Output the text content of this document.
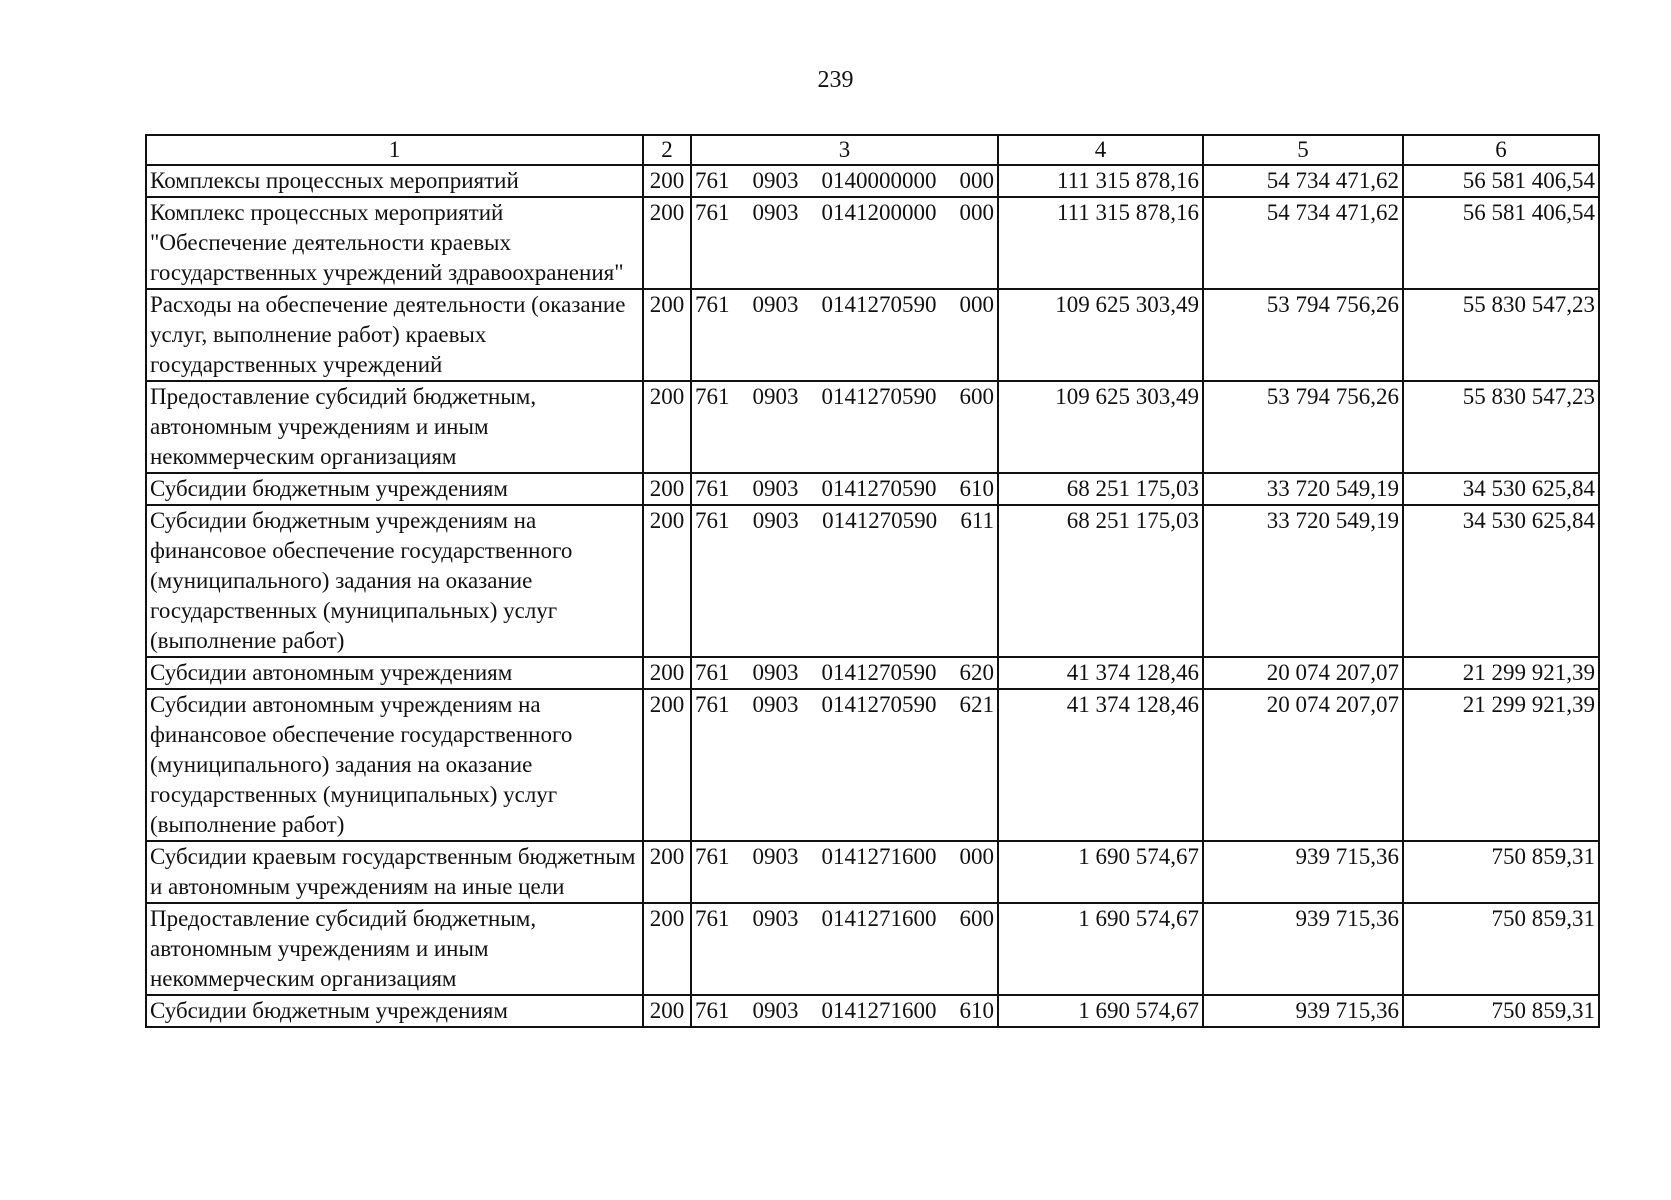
239
1	2	3	4	5	6

Комплексы процессных мероприятий	200	761 0903 0140000000 000	111 315 878,16	54 734 471,62	56 581 406,54

Комплекс процессных мероприятий "Обеспечение деятельности краевых государственных учреждений здравоохранения"	200	761 0903 0141200000 000	111 315 878,16	54 734 471,62	56 581 406,54

Расходы на обеспечение деятельности (оказание услуг, выполнение работ) краевых государственных учреждений	200	761 0903 0141270590 000	109 625 303,49	53 794 756,26	55 830 547,23

Предоставление субсидий бюджетным, автономным учреждениям и иным некоммерческим организациям	200	761 0903 0141270590 600	109 625 303,49	53 794 756,26	55 830 547,23

Субсидии бюджетным учреждениям	200	761 0903 0141270590 610	68 251 175,03	33 720 549,19	34 530 625,84

Субсидии бюджетным учреждениям на финансовое обеспечение государственного (муниципального) задания на оказание государственных (муниципальных) услуг (выполнение работ)	200	761 0903 0141270590 611	68 251 175,03	33 720 549,19	34 530 625,84

Субсидии автономным учреждениям	200	761 0903 0141270590 620	41 374 128,46	20 074 207,07	21 299 921,39

Субсидии автономным учреждениям на финансовое обеспечение государственного (муниципального) задания на оказание государственных (муниципальных) услуг (выполнение работ)	200	761 0903 0141270590 621	41 374 128,46	20 074 207,07	21 299 921,39

Субсидии краевым государственным бюджетным и автономным учреждениям на иные цели	200	761 0903 0141271600 000	1 690 574,67	939 715,36	750 859,31

Предоставление субсидий бюджетным, автономным учреждениям и иным некоммерческим организациям	200	761 0903 0141271600 600	1 690 574,67	939 715,36	750 859,31

Субсидии бюджетным учреждениям	200	761 0903 0141271600 610	1 690 574,67	939 715,36	750 859,31
